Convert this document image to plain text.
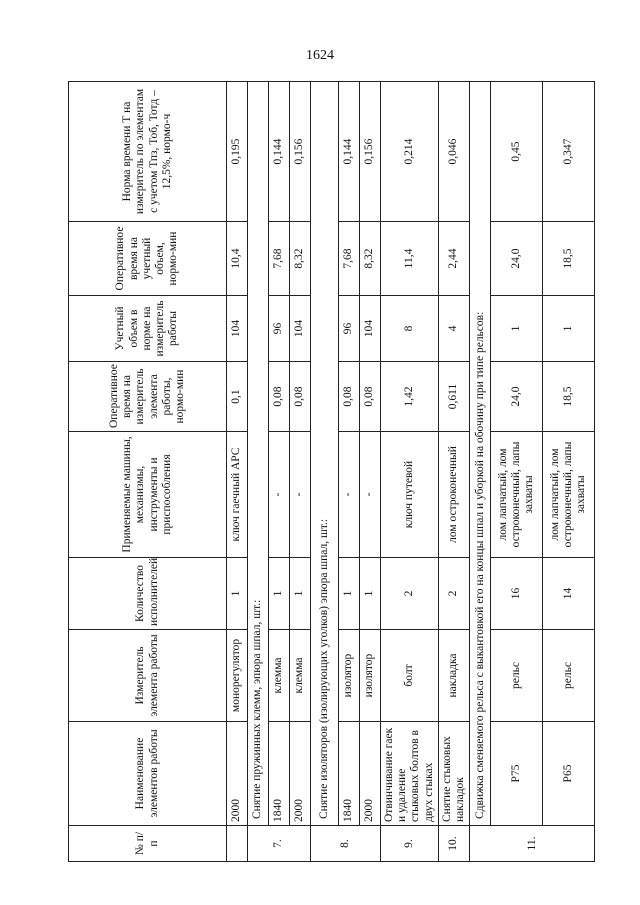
1624
№ п/п	Наименование элементов работы	Измеритель элемента работы	Количество исполнителей	Применяемые машины, механизмы, инструменты и приспособления	Оперативное время на измеритель элемента работы, нормо-мин	Учетный объем в норме на измеритель работы	Оперативное время на учетный объем, нормо-мин	Норма времени Т на измеритель по элементам с учетом Тпз, Тоб, Тотд – 12,5%, нормо-ч
	2000	монорегулятор	1	ключ гаечный АРС	0,1	104	10,4	0,195
7.	Снятие пружинных клемм, эпюра шпал, шт.:							
	1840	клемма	1	-	0,08	96	7,68	0,144
	2000	клемма	1	-	0,08	104	8,32	0,156
8.	Снятие изоляторов (изолирующих уголков) эпюра шпал, шт.:							
	1840	изолятор	1	-	0,08	96	7,68	0,144
	2000	изолятор	1	-	0,08	104	8,32	0,156
9.	Отвинчивание гаек и удаление стыковых болтов в двух стыках	болт	2	ключ путевой	1,42	8	11,4	0,214
10.	Снятие стыковых накладок	накладка	2	лом остроконечный	0,611	4	2,44	0,046
11.	Сдвижка сменяемого рельса с выкантовкой его на концы шпал и уборкой на обочину при типе рельсов:							
	Р75	рельс	16	лом лапчатый, лом остроконечный, лапы захваты	24,0	1	24,0	0,45
	Р65	рельс	14	лом лапчатый, лом остроконечный, лапы захваты	18,5	1	18,5	0,347
